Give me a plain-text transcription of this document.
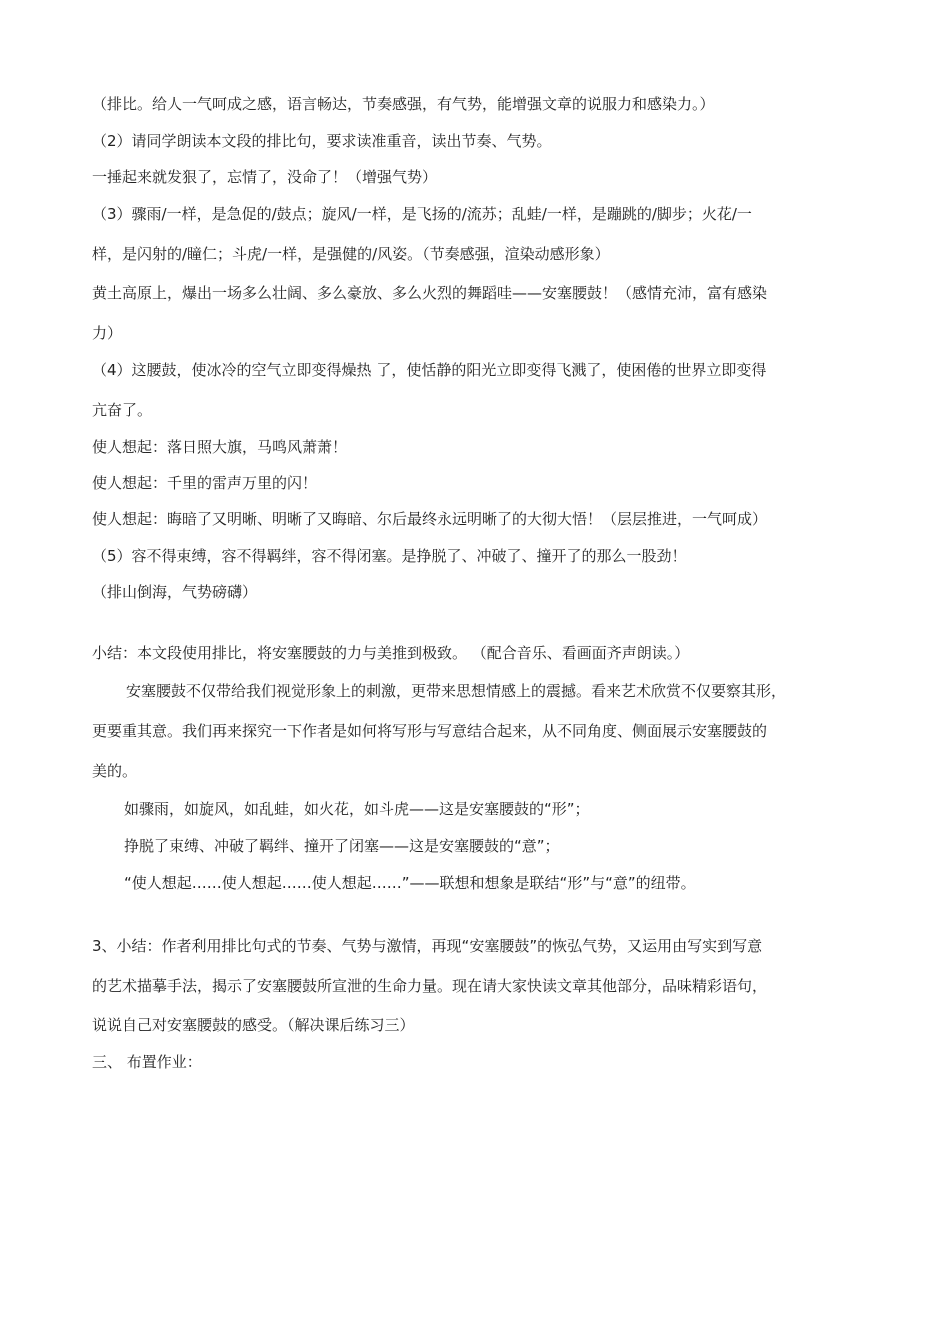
（排比。给人一气呵成之感，语言畅达，节奏感强，有气势，能增强文章的说服力和感染力。）
（2）请同学朗读本文段的排比句，要求读准重音，读出节奏、气势。
一捶起来就发狠了，忘情了，没命了！（增强气势）
（3）骤雨/一样，是急促的/鼓点；旋风/一样，是飞扬的/流苏；乱蛙/一样，是蹦跳的/脚步；火花/一
样，是闪射的/瞳仁；斗虎/一样，是强健的/风姿。（节奏感强，渲染动感形象）
黄土高原上，爆出一场多么壮阔、多么豪放、多么火烈的舞蹈哇——安塞腰鼓！（感情充沛，富有感染
力）
（4）这腰鼓，使冰冷的空气立即变得燥热 了，使恬静的阳光立即变得飞溅了，使困倦的世界立即变得
亢奋了。
使人想起：落日照大旗，马鸣风萧萧！
使人想起：千里的雷声万里的闪！
使人想起：晦暗了又明晰、明晰了又晦暗、尔后最终永远明晰了的大彻大悟！（层层推进，一气呵成）
（5）容不得束缚，容不得羁绊，容不得闭塞。是挣脱了、冲破了、撞开了的那么一股劲！
（排山倒海，气势磅礴）
小结：本文段使用排比，将安塞腰鼓的力与美推到极致。 （配合音乐、看画面齐声朗读。）
安塞腰鼓不仅带给我们视觉形象上的刺激，更带来思想情感上的震撼。看来艺术欣赏不仅要察其形，
更要重其意。我们再来探究一下作者是如何将写形与写意结合起来，从不同角度、侧面展示安塞腰鼓的
美的。
如骤雨，如旋风，如乱蛙，如火花，如斗虎——这是安塞腰鼓的“形”；
挣脱了束缚、冲破了羁绊、撞开了闭塞——这是安塞腰鼓的“意”；
“使人想起……使人想起……使人想起……”——联想和想象是联结“形”与“意”的纽带。
3、小结：作者利用排比句式的节奏、气势与激情，再现“安塞腰鼓”的恢弘气势，又运用由写实到写意
的艺术描摹手法，揭示了安塞腰鼓所宣泄的生命力量。现在请大家快读文章其他部分，品味精彩语句，
说说自己对安塞腰鼓的感受。（解决课后练习三）
三、 布置作业：
